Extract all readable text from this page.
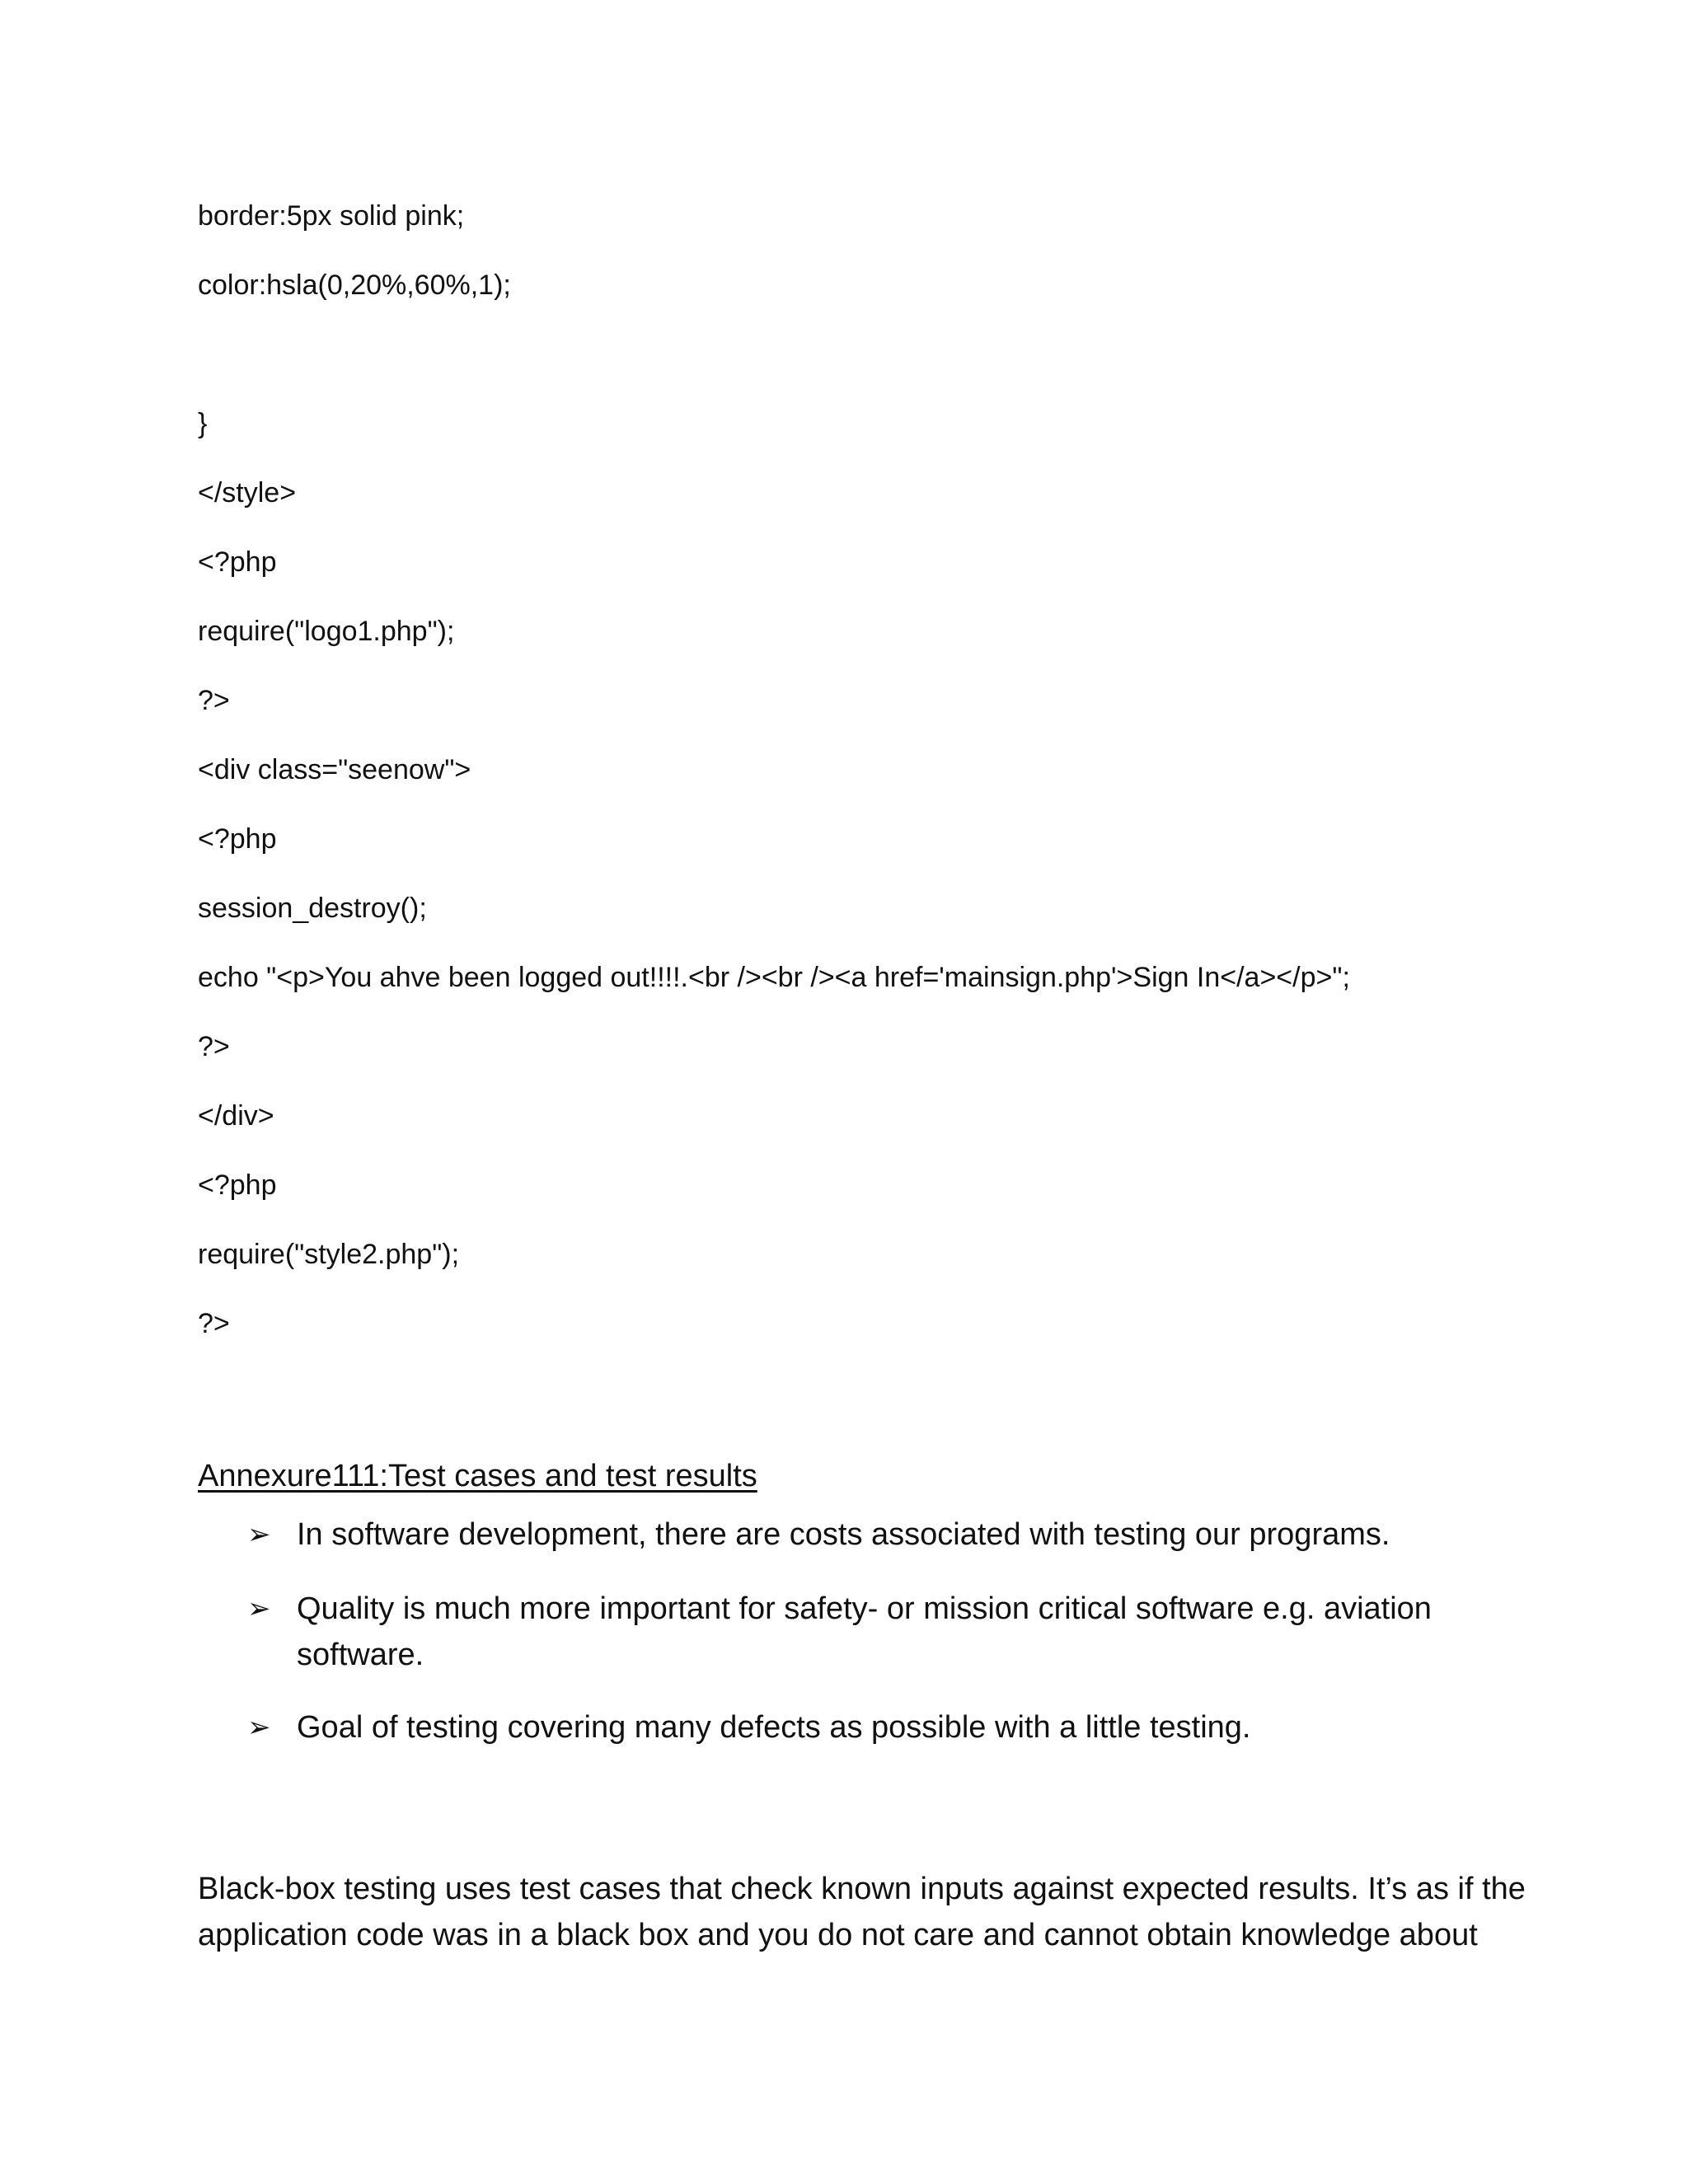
border:5px solid pink;
color:hsla(0,20%,60%,1);
}
</style>
<?php
require("logo1.php");
?>
<div class="seenow">
<?php
session_destroy();
echo "<p>You ahve been logged out!!!!.<br /><br /><a href='mainsign.php'>Sign In</a></p>";
?>
</div>
<?php
require("style2.php");
?>
Annexure111:Test cases and test results
➢ In software development, there are costs associated with testing our programs.
➢ Quality is much more important for safety- or mission critical software e.g. aviation software.
➢ Goal of testing covering many defects as possible with a little testing.
Black-box testing uses test cases that check known inputs against expected results. It’s as if the application code was in a black box and you do not care and cannot obtain knowledge about
